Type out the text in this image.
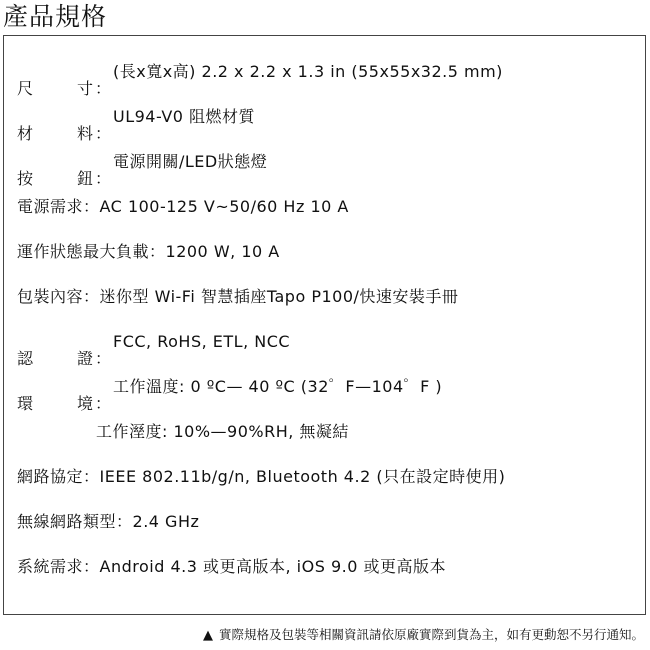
產品規格
尺	寸 ：
(長x寬x高) 2.2 x 2.2 x 1.3 in (55x55x32.5 mm)
材	料 ：
UL94-V0 阻燃材質
按	鈕 ：
電源開關/LED狀態燈
電源需求：AC 100-125 V~50/60 Hz 10 A
運作狀態最大負載：1200 W, 10 A
包裝內容：迷你型 Wi-Fi 智慧插座Tapo P100/快速安裝手冊
認	證 ：
FCC, RoHS, ETL, NCC
環	境 ：
工作溫度: 0 ºC— 40 ºC (32゜F—104゜F )
工作溼度: 10%—90%RH, 無凝結
網路協定：IEEE 802.11b/g/n, Bluetooth 4.2 (只在設定時使用)
無線網路類型：2.4 GHz
系統需求：Android 4.3 或更高版本, iOS 9.0 或更高版本
▲ 實際規格及包裝等相關資訊請依原廠實際到貨為主，如有更動恕不另行通知。
